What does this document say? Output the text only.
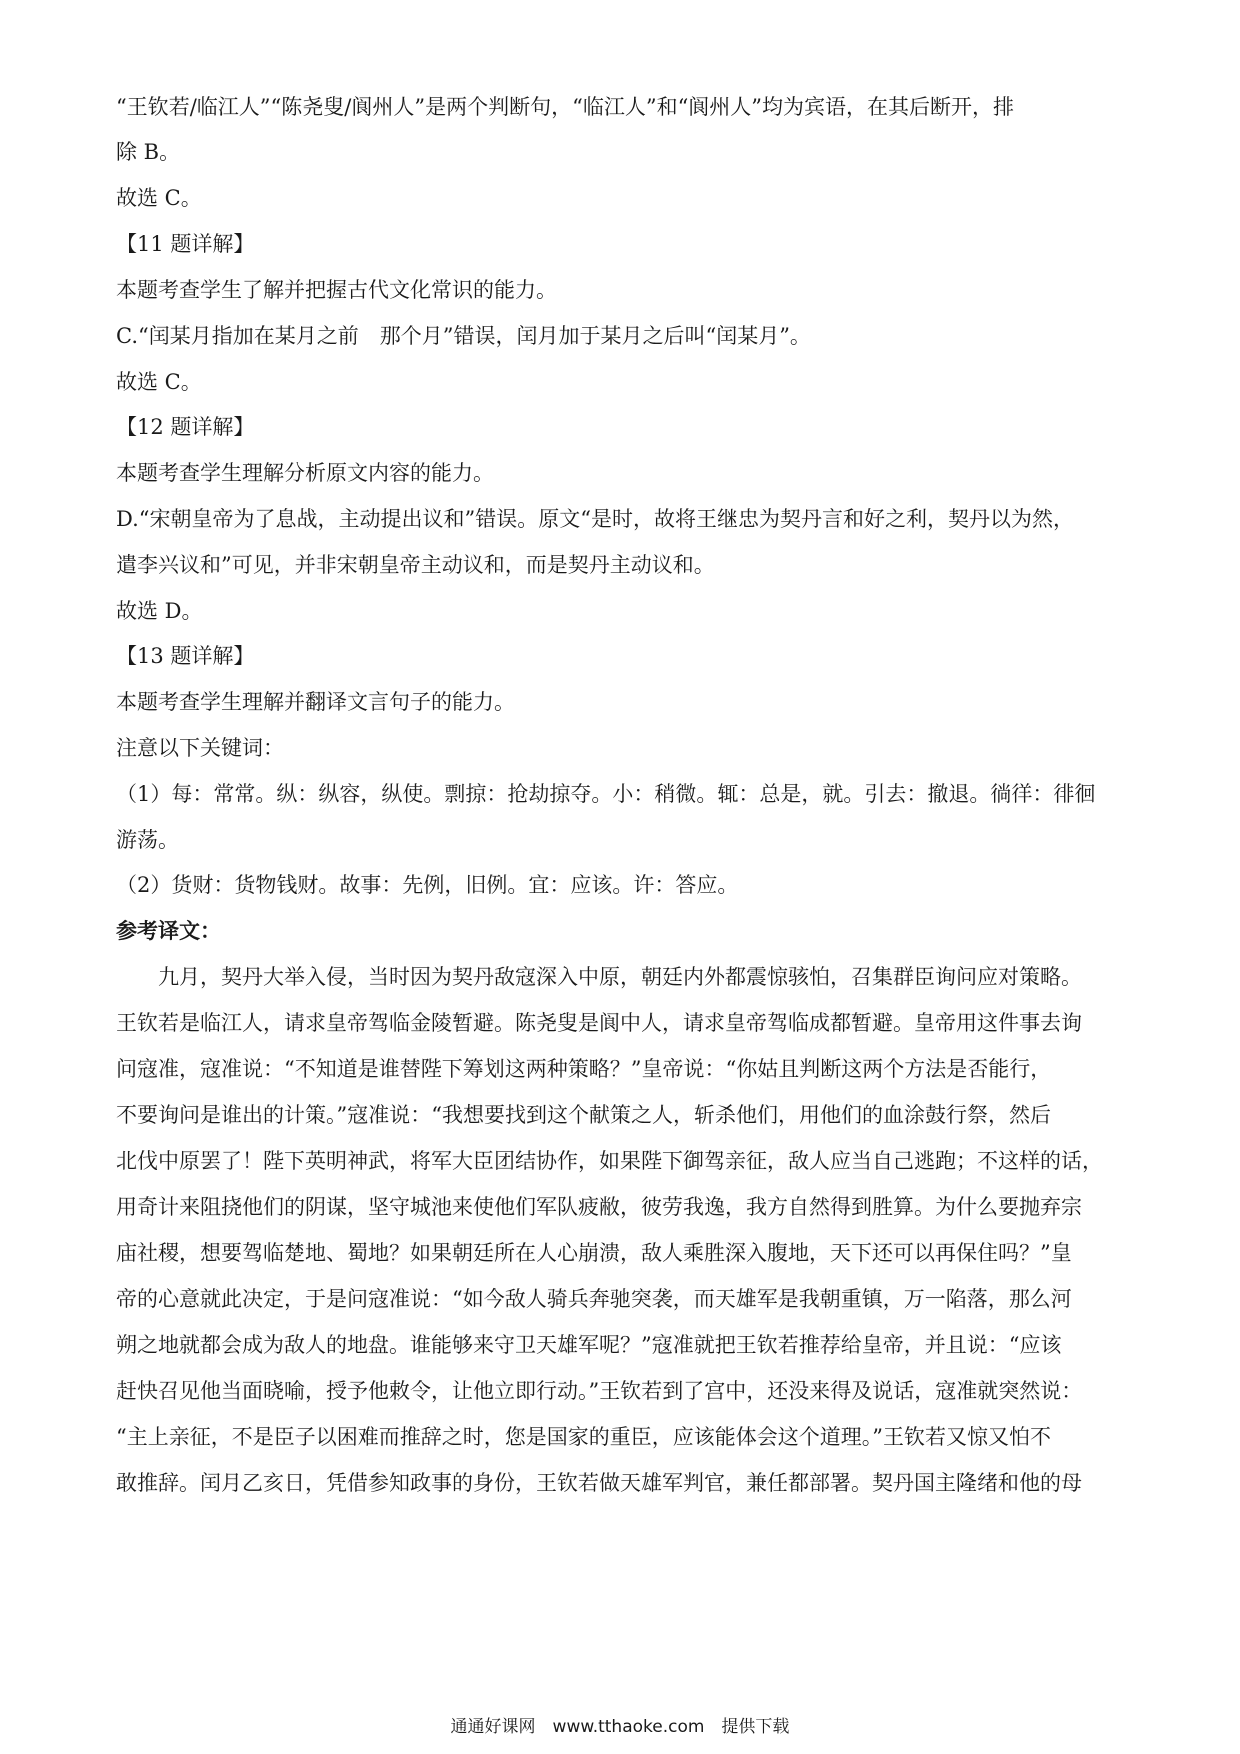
“王钦若/临江人”“陈尧叟/阆州人”是两个判断句，“临江人”和“阆州人”均为宾语，在其后断开，排
除 B。
故选 C。
【11 题详解】
本题考查学生了解并把握古代文化常识的能力。
C.“闰某月指加在某月之前　那个月”错误，闰月加于某月之后叫“闰某月”。
故选 C。
【12 题详解】
本题考查学生理解分析原文内容的能力。
D.“宋朝皇帝为了息战，主动提出议和”错误。原文“是时，故将王继忠为契丹言和好之利，契丹以为然，
遣李兴议和”可见，并非宋朝皇帝主动议和，而是契丹主动议和。
故选 D。
【13 题详解】
本题考查学生理解并翻译文言句子的能力。
注意以下关键词：
（1）每：常常。纵：纵容，纵使。剽掠：抢劫掠夺。小：稍微。辄：总是，就。引去：撤退。徜徉：徘徊
游荡。
（2）货财：货物钱财。故事：先例，旧例。宜：应该。许：答应。
参考译文：
九月，契丹大举入侵，当时因为契丹敌寇深入中原，朝廷内外都震惊骇怕，召集群臣询问应对策略。
王钦若是临江人，请求皇帝驾临金陵暂避。陈尧叟是阆中人，请求皇帝驾临成都暂避。皇帝用这件事去询
问寇准，寇准说：“不知道是谁替陛下筹划这两种策略？”皇帝说：“你姑且判断这两个方法是否能行，
不要询问是谁出的计策。”寇准说：“我想要找到这个献策之人，斩杀他们，用他们的血涂鼓行祭，然后
北伐中原罢了！陛下英明神武，将军大臣团结协作，如果陛下御驾亲征，敌人应当自己逃跑；不这样的话，
用奇计来阻挠他们的阴谋，坚守城池来使他们军队疲敝，彼劳我逸，我方自然得到胜算。为什么要抛弃宗
庙社稷，想要驾临楚地、蜀地？如果朝廷所在人心崩溃，敌人乘胜深入腹地，天下还可以再保住吗？”皇
帝的心意就此决定，于是问寇准说：“如今敌人骑兵奔驰突袭，而天雄军是我朝重镇，万一陷落，那么河
朔之地就都会成为敌人的地盘。谁能够来守卫天雄军呢？”寇准就把王钦若推荐给皇帝，并且说：“应该
赶快召见他当面晓喻，授予他敕令，让他立即行动。”王钦若到了宫中，还没来得及说话，寇准就突然说：
“主上亲征，不是臣子以困难而推辞之时，您是国家的重臣，应该能体会这个道理。”王钦若又惊又怕不
敢推辞。闰月乙亥日，凭借参知政事的身份，王钦若做天雄军判官，兼任都部署。契丹国主隆绪和他的母
通通好课网　www.tthaoke.com　提供下载
